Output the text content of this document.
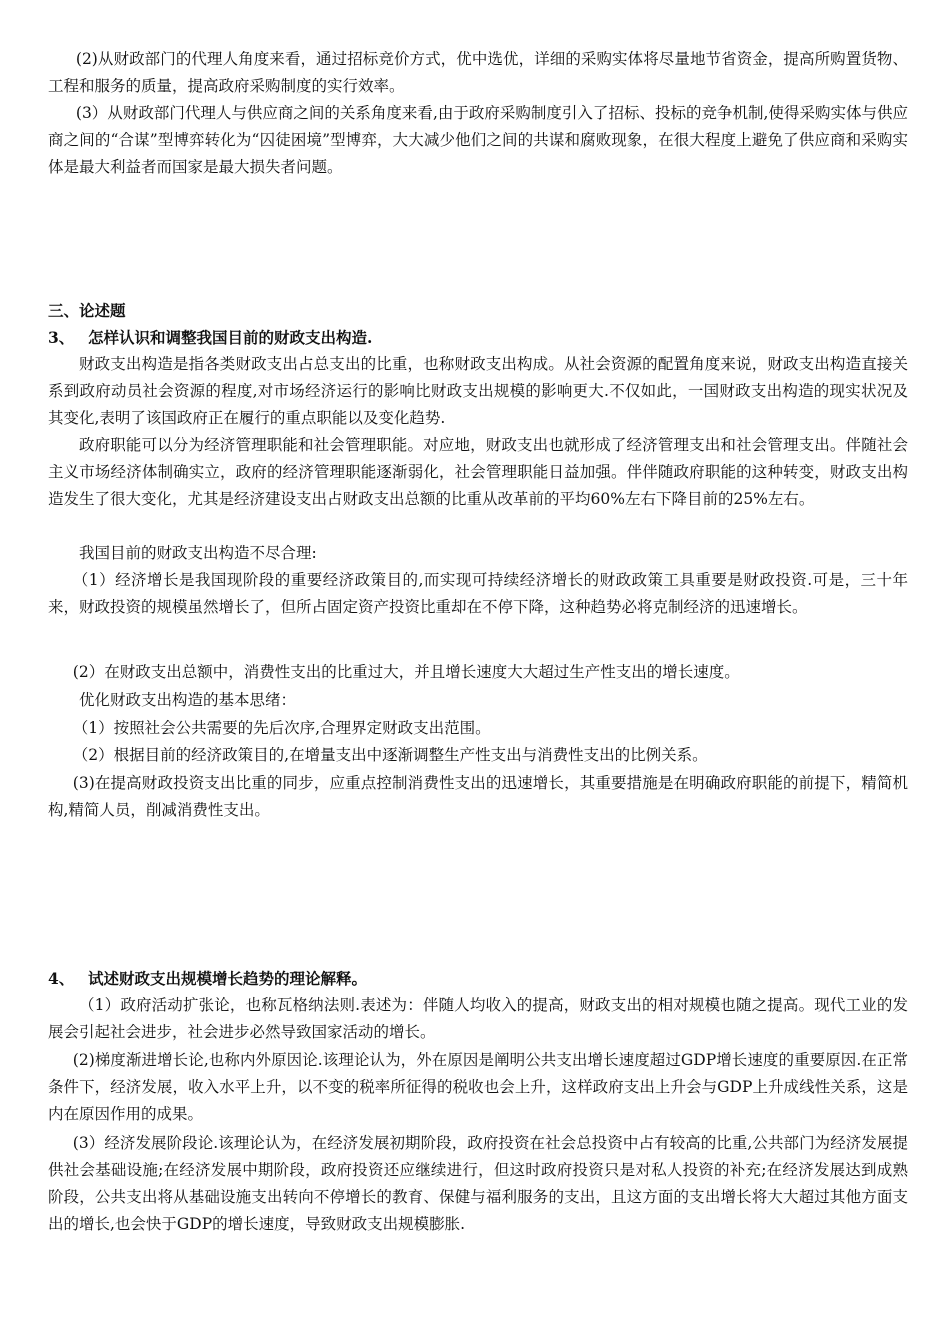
(2)从财政部门的代理人角度来看，通过招标竞价方式，优中选优，详细的采购实体将尽量地节省资金，提高所购置货物、工程和服务的质量，提高政府采购制度的实行效率。

(3）从财政部门代理人与供应商之间的关系角度来看,由于政府采购制度引入了招标、投标的竞争机制,使得采购实体与供应商之间的“合谋”型博弈转化为“囚徒困境”型博弈，大大减少他们之间的共谋和腐败现象，在很大程度上避免了供应商和采购实体是最大利益者而国家是最大损失者问题。

三、论述题

3、 怎样认识和调整我国目前的财政支出构造.

财政支出构造是指各类财政支出占总支出的比重，也称财政支出构成。从社会资源的配置角度来说，财政支出构造直接关系到政府动员社会资源的程度,对市场经济运行的影响比财政支出规模的影响更大.不仅如此，一国财政支出构造的现实状况及其变化,表明了该国政府正在履行的重点职能以及变化趋势.

政府职能可以分为经济管理职能和社会管理职能。对应地，财政支出也就形成了经济管理支出和社会管理支出。伴随社会主义市场经济体制确实立，政府的经济管理职能逐渐弱化，社会管理职能日益加强。伴伴随政府职能的这种转变，财政支出构造发生了很大变化，尤其是经济建设支出占财政支出总额的比重从改革前的平均60%左右下降目前的25%左右。

我国目前的财政支出构造不尽合理:

（1）经济增长是我国现阶段的重要经济政策目的,而实现可持续经济增长的财政政策工具重要是财政投资.可是，三十年来，财政投资的规模虽然增长了，但所占固定资产投资比重却在不停下降，这种趋势必将克制经济的迅速增长。

(2）在财政支出总额中，消费性支出的比重过大，并且增长速度大大超过生产性支出的增长速度。

优化财政支出构造的基本思绪：

（1）按照社会公共需要的先后次序,合理界定财政支出范围。

（2）根据目前的经济政策目的,在增量支出中逐渐调整生产性支出与消费性支出的比例关系。

(3)在提高财政投资支出比重的同步，应重点控制消费性支出的迅速增长，其重要措施是在明确政府职能的前提下，精简机构,精简人员，削减消费性支出。

4、 试述财政支出规模增长趋势的理论解释。

（1）政府活动扩张论，也称瓦格纳法则.表述为：伴随人均收入的提高，财政支出的相对规模也随之提高。现代工业的发展会引起社会进步，社会进步必然导致国家活动的增长。

(2)梯度渐进增长论,也称内外原因论.该理论认为，外在原因是阐明公共支出增长速度超过GDP增长速度的重要原因.在正常条件下，经济发展，收入水平上升，以不变的税率所征得的税收也会上升，这样政府支出上升会与GDP上升成线性关系，这是内在原因作用的成果。

(3）经济发展阶段论.该理论认为，在经济发展初期阶段，政府投资在社会总投资中占有较高的比重,公共部门为经济发展提供社会基础设施;在经济发展中期阶段，政府投资还应继续进行，但这时政府投资只是对私人投资的补充;在经济发展达到成熟阶段，公共支出将从基础设施支出转向不停增长的教育、保健与福利服务的支出，且这方面的支出增长将大大超过其他方面支出的增长,也会快于GDP的增长速度，导致财政支出规模膨胀.
